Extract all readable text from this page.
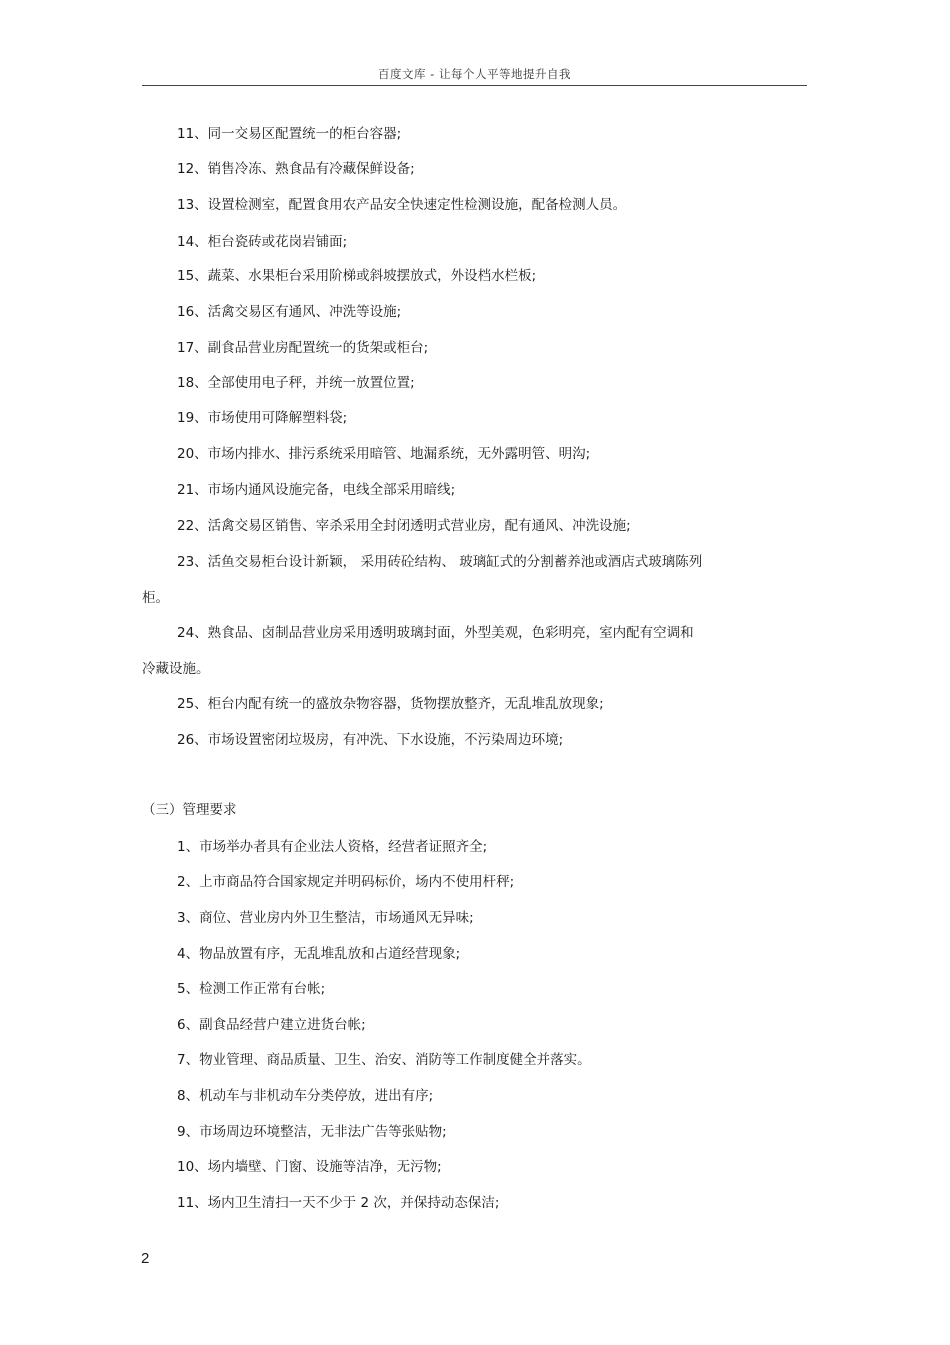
百度文库 - 让每个人平等地提升自我
11、同一交易区配置统一的柜台容器;
12、销售冷冻、熟食品有冷藏保鲜设备;
13、设置检测室，配置食用农产品安全快速定性检测设施，配备检测人员。
14、柜台瓷砖或花岗岩铺面;
15、蔬菜、水果柜台采用阶梯或斜坡摆放式，外设档水栏板;
16、活禽交易区有通风、冲洗等设施;
17、副食品营业房配置统一的货架或柜台;
18、全部使用电子秤，并统一放置位置;
19、市场使用可降解塑料袋;
20、市场内排水、排污系统采用暗管、地漏系统，无外露明管、明沟;
21、市场内通风设施完备，电线全部采用暗线;
22、活禽交易区销售、宰杀采用全封闭透明式营业房，配有通风、冲洗设施;
23、活鱼交易柜台设计新颖， 采用砖砼结构、 玻璃缸式的分割蓄养池或酒店式玻璃陈列
柜。
24、熟食品、卤制品营业房采用透明玻璃封面，外型美观，色彩明亮，室内配有空调和
冷藏设施。
25、柜台内配有统一的盛放杂物容器，货物摆放整齐，无乱堆乱放现象;
26、市场设置密闭垃圾房，有冲洗、下水设施，不污染周边环境;
（三）管理要求
1、市场举办者具有企业法人资格，经营者证照齐全;
2、上市商品符合国家规定并明码标价，场内不使用杆秤;
3、商位、营业房内外卫生整洁，市场通风无异味;
4、物品放置有序，无乱堆乱放和占道经营现象;
5、检测工作正常有台帐;
6、副食品经营户建立进货台帐;
7、物业管理、商品质量、卫生、治安、消防等工作制度健全并落实。
8、机动车与非机动车分类停放，进出有序;
9、市场周边环境整洁，无非法广告等张贴物;
10、场内墙壁、门窗、设施等洁净，无污物;
11、场内卫生清扫一天不少于 2 次，并保持动态保洁;
2
